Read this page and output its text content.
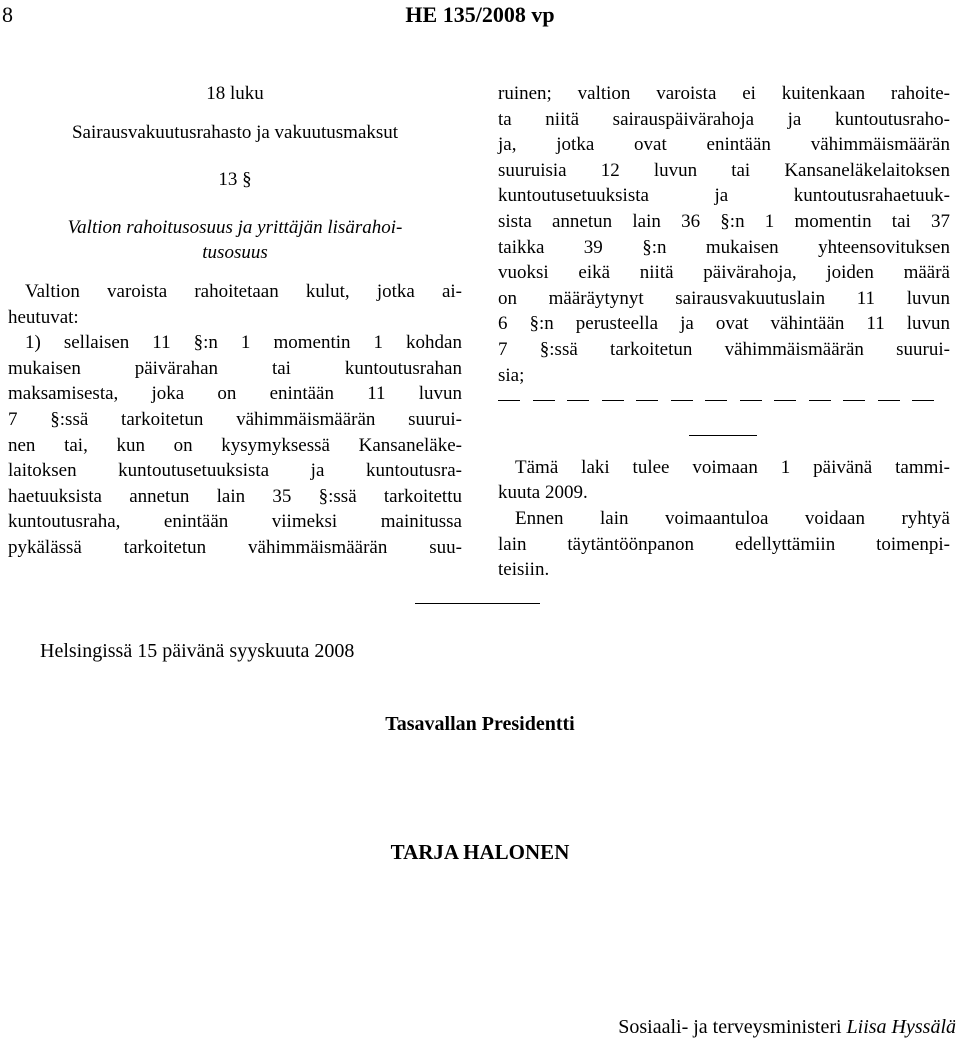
8	HE 135/2008 vp
18 luku
Sairausvakuutusrahasto ja vakuutusmaksut
13 §
Valtion rahoitusosuus ja yrittäjän lisärahoi-
tusosuus
Valtion varoista rahoitetaan kulut, jotka ai-
heutuvat:
1) sellaisen 11 §:n 1 momentin 1 kohdan
mukaisen päivärahan tai kuntoutusrahan
maksamisesta, joka on enintään 11 luvun
7 §:ssä tarkoitetun vähimmäismäärän suurui-
nen tai, kun on kysymyksessä Kansaneläke-
laitoksen kuntoutusetuuksista ja kuntoutusra-
haetuuksista annetun lain 35 §:ssä tarkoitettu
kuntoutusraha, enintään viimeksi mainitussa
pykälässä tarkoitetun vähimmäismäärän suu-
ruinen; valtion varoista ei kuitenkaan rahoite-
ta niitä sairauspäivärahoja ja kuntoutusraho-
ja, jotka ovat enintään vähimmäismäärän
suuruisia 12 luvun tai Kansaneläkelaitoksen
kuntoutusetuuksista ja kuntoutusrahaetuuk-
sista annetun lain 36 §:n 1 momentin tai 37
taikka 39 §:n mukaisen yhteensovituksen
vuoksi eikä niitä päivärahoja, joiden määrä
on määräytynyt sairausvakuutuslain 11 luvun
6 §:n perusteella ja ovat vähintään 11 luvun
7 §:ssä tarkoitetun vähimmäismäärän suurui-
sia;
Tämä laki tulee voimaan 1 päivänä tammi-
kuuta 2009.
Ennen lain voimaantuloa voidaan ryhtyä
lain täytäntöönpanon edellyttämiin toimenpi-
teisiin.
Helsingissä 15 päivänä syyskuuta 2008
Tasavallan Presidentti
TARJA HALONEN
Sosiaali- ja terveysministeri Liisa Hyssälä
